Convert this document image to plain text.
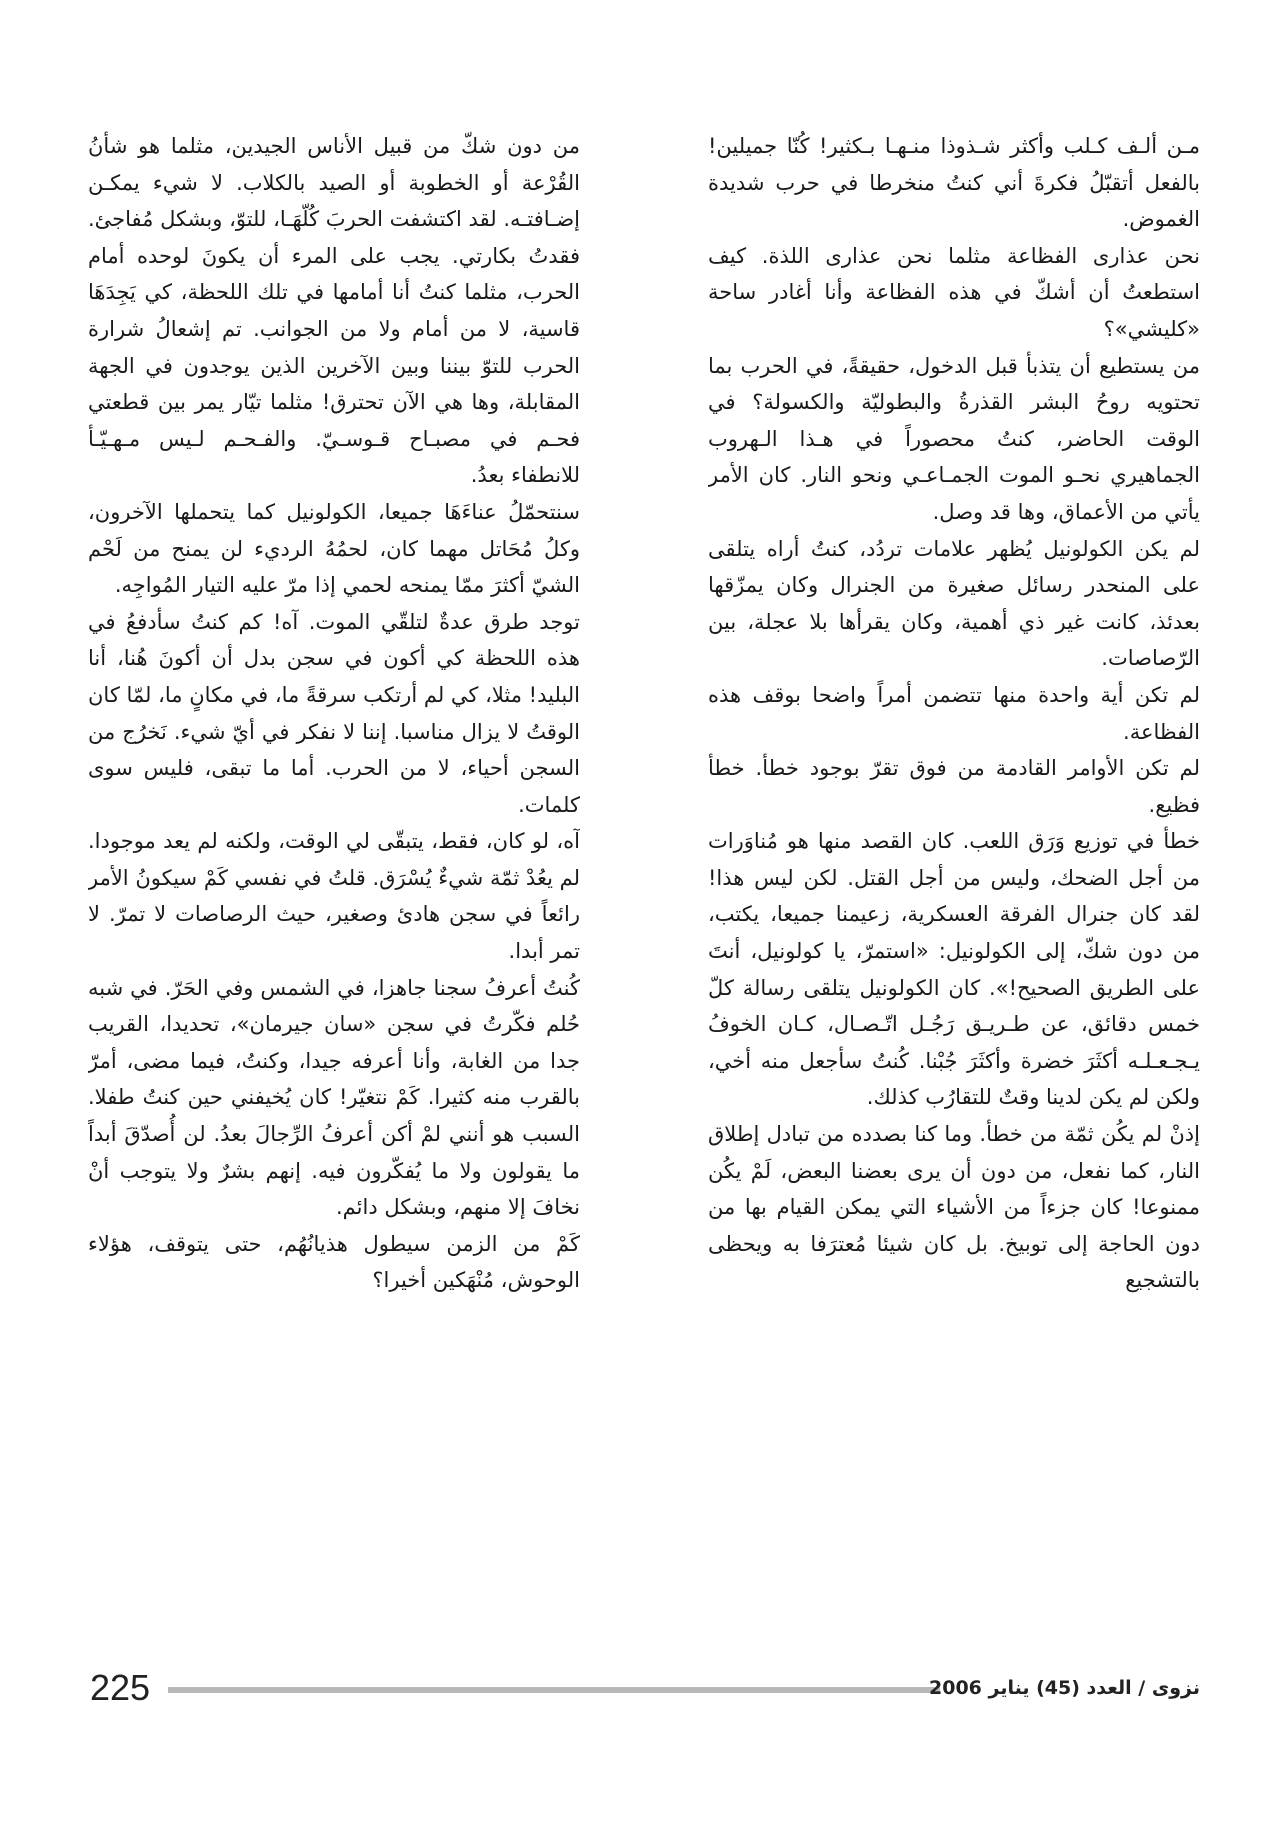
مـن ألـف كـلب وأكثر شـذوذا منـهـا بـكثير! كُنّا جميلين! بالفعل أتقبّلُ فكرةَ أني كنتُ منخرطا في حرب شديدة الغموض.

نحن عذارى الفظاعة مثلما نحن عذارى اللذة. كيف استطعتُ أن أشكّ في هذه الفظاعة وأنا أغادر ساحة «كليشي»؟

من يستطيع أن يتذبأ قبل الدخول، حقيقةً، في الحرب بما تحتويه روحُ البشر القذرةُ والبطوليّة والكسولة؟ في الوقت الحاضر، كنتُ محصوراً في هـذا الـهروب الجماهيري نحـو الموت الجمـاعـي ونحو النار. كان الأمر يأتي من الأعماق، وها قد وصل.

لم يكن الكولونيل يُظهر علامات تردُد، كنتُ أراه يتلقى على المنحدر رسائل صغيرة من الجنرال وكان يمزّقها بعدئذ، كانت غير ذي أهمية، وكان يقرأها بلا عجلة، بين الرّصاصات.

لم تكن أية واحدة منها تتضمن أمراً واضحا بوقف هذه الفظاعة.

لم تكن الأوامر القادمة من فوق تقرّ بوجود خطأ. خطأ فظيع.

خطأ في توزيع وَرَق اللعب. كان القصد منها هو مُناوَرات من أجل الضحك، وليس من أجل القتل. لكن ليس هذا! لقد كان جنرال الفرقة العسكرية، زعيمنا جميعا، يكتب، من دون شكّ، إلى الكولونيل: «استمرّ، يا كولونيل، أنتَ على الطريق الصحيح!». كان الكولونيل يتلقى رسالة كلّ خمس دقائق، عن طـريـق رَجُـل اتّـصـال، كـان الخوفُ يـجـعـلـه أكثَرَ خضرة وأكثَرَ جُبْنا. كُنتُ سأجعل منه أخي، ولكن لم يكن لدينا وقتٌ للتقارُب كذلك.

إذنْ لم يكُن ثمّة من خطأ. وما كنا بصدده من تبادل إطلاق النار، كما نفعل، من دون أن يرى بعضنا البعض، لَمْ يكُن ممنوعا! كان جزءاً من الأشياء التي يمكن القيام بها من دون الحاجة إلى توبيخ. بل كان شيئا مُعترَفا به ويحظى بالتشجيع

من دون شكّ من قبيل الأناس الجيدين، مثلما هو شأنُ القُرْعة أو الخطوبة أو الصيد بالكلاب. لا شيء يمكـن إضـافتـه. لقد اكتشفت الحربَ كُلّهَـا، للتوّ، وبشكل مُفاجئ. فقدتُ بكارتي. يجب على المرء أن يكونَ لوحده أمام الحرب، مثلما كنتُ أنا أمامها في تلك اللحظة، كي يَجِدَهَا قاسية، لا من أمام ولا من الجوانب. تم إشعالُ شرارة الحرب للتوّ بيننا وبين الآخرين الذين يوجدون في الجهة المقابلة، وها هي الآن تحترق! مثلما تيّار يمر بين قطعتي فحـم في مصبـاح قـوسـيّ. والفـحـم لـيس مـهـيّـأ للانطفاء بعدُ.

سنتحمّلُ عناءَهَا جميعا، الكولونيل كما يتحملها الآخرون، وكلُ مُحَاتل مهما كان، لحمُهُ الرديء لن يمنح من لَحْم الشيّ أكثرَ ممّا يمنحه لحمي إذا مرّ عليه التيار المُواجِه.

توجد طرق عدةٌ لتلقّي الموت. آه! كم كنتُ سأدفعُ في هذه اللحظة كي أكون في سجن بدل أن أكونَ هُنا، أنا البليد! مثلا، كي لم أرتكب سرقةً ما، في مكانٍ ما، لمّا كان الوقتُ لا يزال مناسبا. إننا لا نفكر في أيّ شيء. نَخرُج من السجن أحياء، لا من الحرب. أما ما تبقى، فليس سوى كلمات.

آه، لو كان، فقط، يتبقّى لي الوقت، ولكنه لم يعد موجودا. لم يعُدْ ثمّة شيءٌ يُسْرَق. قلتُ في نفسي كَمْ سيكونُ الأمر رائعاً في سجن هادئ وصغير، حيث الرصاصات لا تمرّ. لا تمر أبدا.

كُنتُ أعرفُ سجنا جاهزا، في الشمس وفي الحَرّ. في شبه حُلم فكّرتُ في سجن «سان جيرمان»، تحديدا، القريب جدا من الغابة، وأنا أعرفه جيدا، وكنتُ، فيما مضى، أمرّ بالقرب منه كثيرا. كَمْ نتغيّر! كان يُخيفني حين كنتُ طفلا. السبب هو أنني لمْ أكن أعرفُ الرِّجالَ بعدُ. لن أُصدّقَ أبداً ما يقولون ولا ما يُفكّرون فيه. إنهم بشرٌ ولا يتوجب أنْ نخافَ إلا منهم، وبشكل دائم.

كَمْ من الزمن سيطول هذيانُهُم، حتى يتوقف، هؤلاء الوحوش، مُنْهَكين أخيرا؟

225	نزوى / العدد (45) يناير 2006
